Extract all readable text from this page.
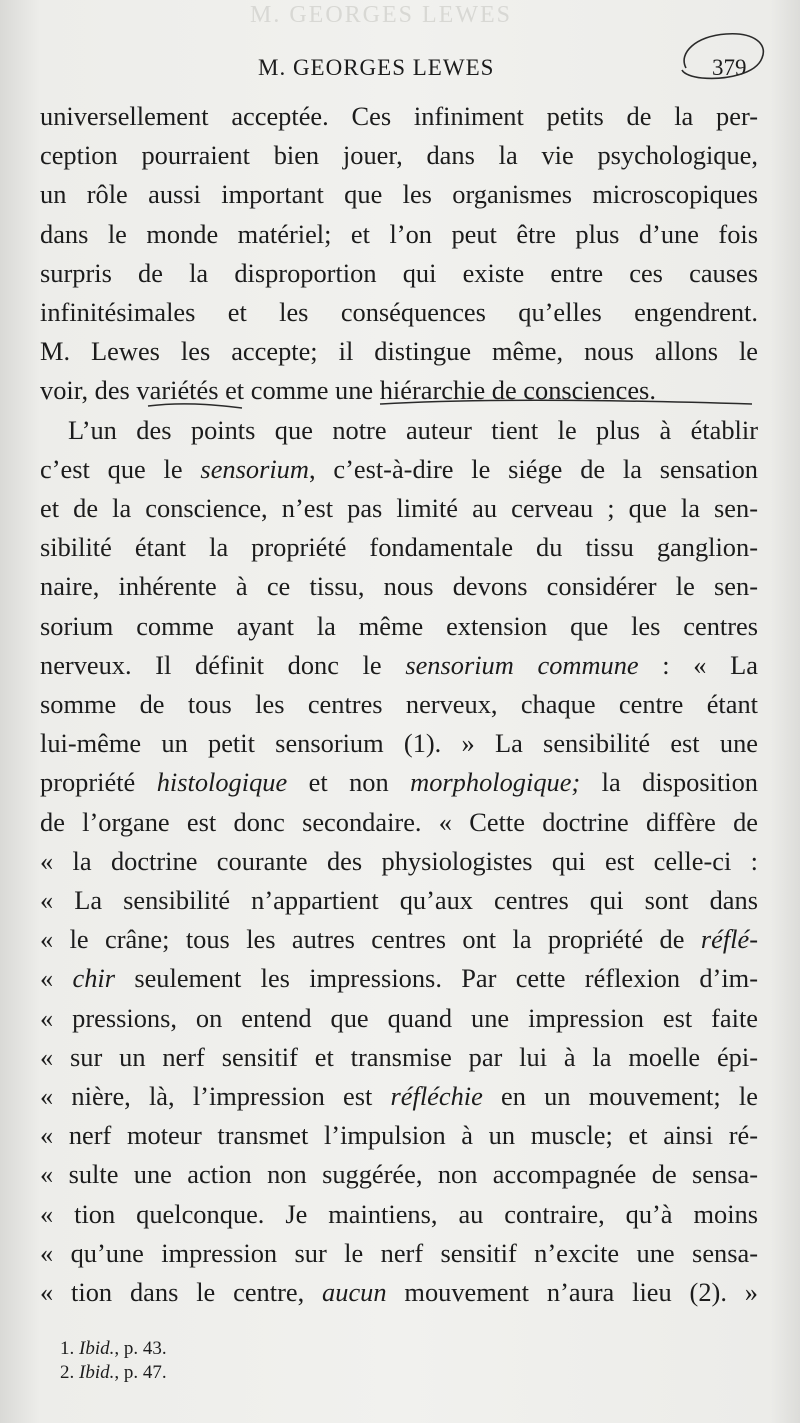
M. GEORGES LEWES
M. GEORGES LEWES	379
universellement acceptée. Ces infiniment petits de la per-
ception pourraient bien jouer, dans la vie psychologique,
un rôle aussi important que les organismes microscopiques
dans le monde matériel; et l’on peut être plus d’une fois
surpris de la disproportion qui existe entre ces causes
infinitésimales et les conséquences qu’elles engendrent.
M. Lewes les accepte; il distingue même, nous allons le
voir, des variétés et comme une hiérarchie de consciences.
L’un des points que notre auteur tient le plus à établir
c’est que le sensorium, c’est-à-dire le siége de la sensation
et de la conscience, n’est pas limité au cerveau ; que la sen-
sibilité étant la propriété fondamentale du tissu ganglion-
naire, inhérente à ce tissu, nous devons considérer le sen-
sorium comme ayant la même extension que les centres
nerveux. Il définit donc le sensorium commune : « La
somme de tous les centres nerveux, chaque centre étant
lui-même un petit sensorium (1). » La sensibilité est une
propriété histologique et non morphologique; la disposition
de l’organe est donc secondaire. « Cette doctrine diffère de
« la doctrine courante des physiologistes qui est celle-ci :
« La sensibilité n’appartient qu’aux centres qui sont dans
« le crâne; tous les autres centres ont la propriété de réflé-
« chir seulement les impressions. Par cette réflexion d’im-
« pressions, on entend que quand une impression est faite
« sur un nerf sensitif et transmise par lui à la moelle épi-
« nière, là, l’impression est réfléchie en un mouvement; le
« nerf moteur transmet l’impulsion à un muscle; et ainsi ré-
« sulte une action non suggérée, non accompagnée de sensa-
« tion quelconque. Je maintiens, au contraire, qu’à moins
« qu’une impression sur le nerf sensitif n’excite une sensa-
« tion dans le centre, aucun mouvement n’aura lieu (2). »
1. Ibid., p. 43.
2. Ibid., p. 47.
